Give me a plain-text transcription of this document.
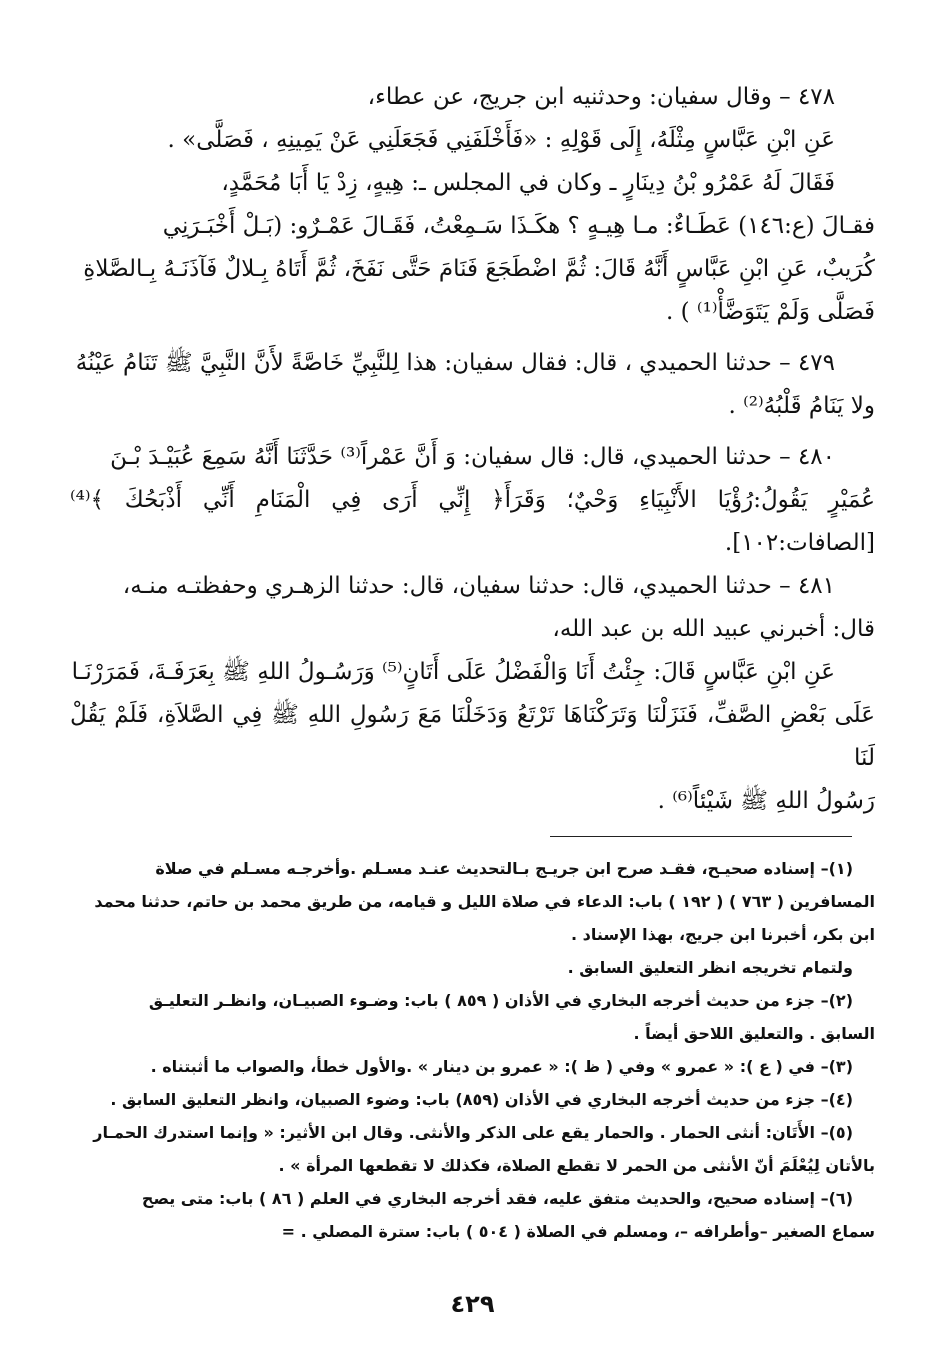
٤٧٨ – وقال سفيان: وحدثنيه ابن جريج، عن عطاء،

عَنِ ابْنِ عَبَّاسٍ مِثْلَهُ، إِلَى قَوْلِهِ : «فَأَخْلَفَنِي فَجَعَلَنِي عَنْ يَمِينِهِ ، فَصَلَّى» .

فَقَالَ لَهُ عَمْرُو بْنُ دِينَارٍ ـ وكان في المجلس ـ: هِيهٍ، زِدْ يَا أَبَا مُحَمَّدٍ،

فقـالَ (ع:١٤٦) عَطَـاءٌ: مـا هِيـهٍ ؟ هكَـذَا سَـمِعْتُ، فَقَـالَ عَمْـرٌو: (بَـلْ أَخْبَـرَنِي

كُرَيبٌ، عَنِ ابْنِ عَبَّاسٍ أَنَّهُ قَالَ: ثُمَّ اضْطَجَعَ فَنَامَ حَتَّى نَفَخَ، ثُمَّ أَتَاهُ بِـلالٌ فَآذَنَـهُ بِـالصَّلاةِ

فَصَلَّى وَلَمْ يَتَوَضَّأْ⁽¹⁾ ) .

٤٧٩ – حدثنا الحميدي ، قال: فقال سفيان: هذا لِلنَّبِيِّ خَاصَّةً لأَنَّ النَّبِيَّ ﷺ تَنَامُ عَيْنُهُ

ولا يَنَامُ قَلْبُهُ⁽²⁾ .

٤٨٠ – حدثنا الحميدي، قال: قال سفيان: وَ أَنَّ عَمْراً⁽³⁾ حَدَّثَنَا أَنَّهُ سَمِعَ عُبَيْـدَ بْـنَ

عُمَيْرٍ يَقُولُ:رُؤْيَا الأَنْبِيَاءِ وَحْيٌ؛ وَقَرَأَ﴿ إِنِّي أَرَى فِي الْمَنَامِ أَنِّي أَذْبَحُكَ ﴾⁽⁴⁾ [الصافات:١٠٢].

٤٨١ – حدثنا الحميدي، قال: حدثنا سفيان، قال: حدثنا الزهـري وحفظتـه منـه،

قال: أخبرني عبيد الله بن عبد الله،

عَنِ ابْنِ عَبَّاسٍ قَالَ: جِئْتُ أَنَا وَالْفَضْلُ عَلَى أَتَانٍ⁽⁵⁾ وَرَسُـولُ اللهِ ﷺ بِعَرَفَـةَ، فَمَرَرْنَـا

عَلَى بَعْضِ الصَّفِّ، فَنَزَلْنَا وَتَرَكْنَاهَا تَرْتَعُ وَدَخَلْنَا مَعَ رَسُولِ اللهِ ﷺ فِي الصَّلاَةِ، فَلَمْ يَقُلْ لَنَا

رَسُولُ اللهِ ﷺ شَيْئاً⁽⁶⁾ .

(١)– إسناده صحيـح، فقـد صرح ابن جريـج بـالتحديث عنـد مسـلم .وأخرجـه مسـلم في صلاة

المسافرين ( ٧٦٣ ) ( ١٩٢ ) باب: الدعاء في صلاة الليل و قيامه، من طريق محمد بن حاتم، حدثنا محمد

ابن بكر، أخبرنا ابن جريج، بهذا الإسناد .

ولتمام تخريجه انظر التعليق السابق .

(٢)– جزء من حديث أخرجه البخاري في الأذان ( ٨٥٩ ) باب: وضـوء الصبيـان، وانظـر التعليـق

السابق . والتعليق اللاحق أيضاً .

(٣)– في ( ع ): « عمرو » وفي ( ظ ): « عمرو بن دينار » .والأول خطأ، والصواب ما أثبتناه .

(٤)– جزء من حديث أخرجه البخاري في الأذان (٨٥٩) باب: وضوء الصبيان، وانظر التعليق السابق .

(٥)– الأَتَان: أنثى الحمار . والحمار يقع على الذكر والأنثى. وقال ابن الأثير: « وإنما استدرك الحمـار

بالأتان لِيُعْلَمَ أنّ الأنثى من الحمر لا تقطع الصلاة، فكذلك لا تقطعها المرأة » .

(٦)– إسناده صحيح، والحديث متفق عليه، فقد أخرجه البخاري في العلم ( ٨٦ ) باب: متى يصح

سماع الصغير –وأطرافه –، ومسلم في الصلاة ( ٥٠٤ ) باب: سترة المصلي . =

٤٢٩
